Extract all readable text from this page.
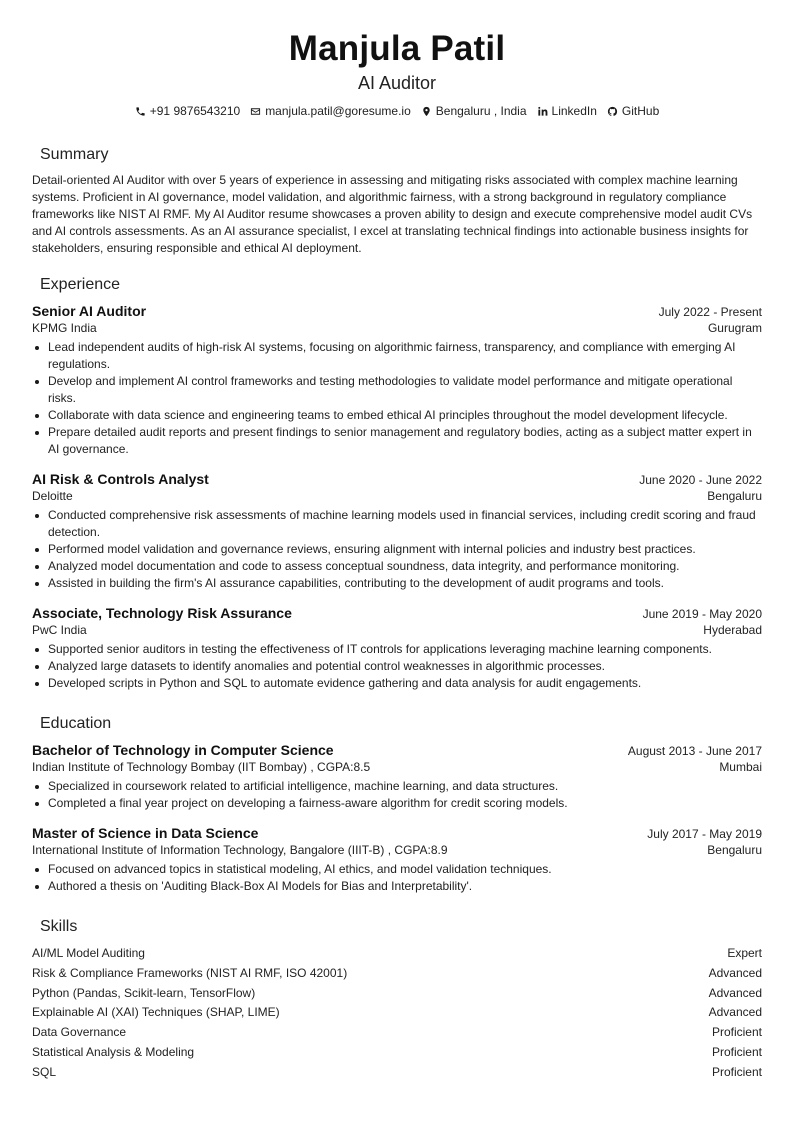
Manjula Patil
AI Auditor
+91 9876543210 manjula.patil@goresume.io Bengaluru , India LinkedIn GitHub
Summary
Detail-oriented AI Auditor with over 5 years of experience in assessing and mitigating risks associated with complex machine learning systems. Proficient in AI governance, model validation, and algorithmic fairness, with a strong background in regulatory compliance frameworks like NIST AI RMF. My AI Auditor resume showcases a proven ability to design and execute comprehensive model audit CVs and AI controls assessments. As an AI assurance specialist, I excel at translating technical findings into actionable business insights for stakeholders, ensuring responsible and ethical AI deployment.
Experience
Senior AI Auditor	July 2022 - Present
KPMG India	Gurugram
Lead independent audits of high-risk AI systems, focusing on algorithmic fairness, transparency, and compliance with emerging AI regulations.
Develop and implement AI control frameworks and testing methodologies to validate model performance and mitigate operational risks.
Collaborate with data science and engineering teams to embed ethical AI principles throughout the model development lifecycle.
Prepare detailed audit reports and present findings to senior management and regulatory bodies, acting as a subject matter expert in AI governance.
AI Risk & Controls Analyst	June 2020 - June 2022
Deloitte	Bengaluru
Conducted comprehensive risk assessments of machine learning models used in financial services, including credit scoring and fraud detection.
Performed model validation and governance reviews, ensuring alignment with internal policies and industry best practices.
Analyzed model documentation and code to assess conceptual soundness, data integrity, and performance monitoring.
Assisted in building the firm's AI assurance capabilities, contributing to the development of audit programs and tools.
Associate, Technology Risk Assurance	June 2019 - May 2020
PwC India	Hyderabad
Supported senior auditors in testing the effectiveness of IT controls for applications leveraging machine learning components.
Analyzed large datasets to identify anomalies and potential control weaknesses in algorithmic processes.
Developed scripts in Python and SQL to automate evidence gathering and data analysis for audit engagements.
Education
Bachelor of Technology in Computer Science	August 2013 - June 2017
Indian Institute of Technology Bombay (IIT Bombay) , CGPA:8.5	Mumbai
Specialized in coursework related to artificial intelligence, machine learning, and data structures.
Completed a final year project on developing a fairness-aware algorithm for credit scoring models.
Master of Science in Data Science	July 2017 - May 2019
International Institute of Information Technology, Bangalore (IIIT-B) , CGPA:8.9	Bengaluru
Focused on advanced topics in statistical modeling, AI ethics, and model validation techniques.
Authored a thesis on 'Auditing Black-Box AI Models for Bias and Interpretability'.
Skills
AI/ML Model Auditing	Expert
Risk & Compliance Frameworks (NIST AI RMF, ISO 42001)	Advanced
Python (Pandas, Scikit-learn, TensorFlow)	Advanced
Explainable AI (XAI) Techniques (SHAP, LIME)	Advanced
Data Governance	Proficient
Statistical Analysis & Modeling	Proficient
SQL	Proficient
